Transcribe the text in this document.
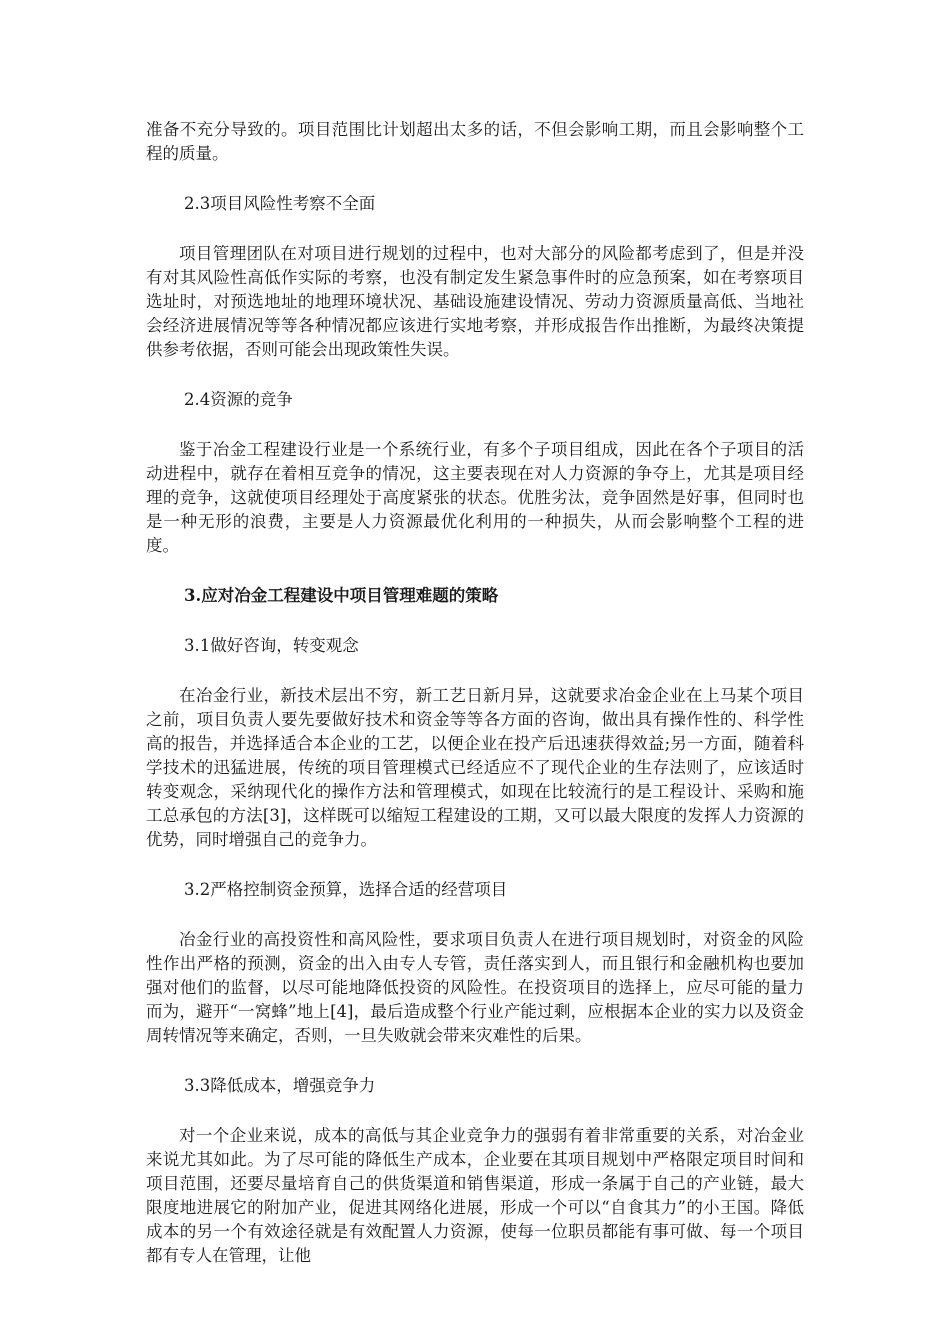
准备不充分导致的。项目范围比计划超出太多的话，不但会影响工期，而且会影响整个工程的质量。

2.3项目风险性考察不全面

项目管理团队在对项目进行规划的过程中，也对大部分的风险都考虑到了，但是并没有对其风险性高低作实际的考察，也没有制定发生紧急事件时的应急预案，如在考察项目选址时，对预选地址的地理环境状况、基础设施建设情况、劳动力资源质量高低、当地社会经济进展情况等等各种情况都应该进行实地考察，并形成报告作出推断，为最终决策提供参考依据，否则可能会出现政策性失误。

2.4资源的竞争

鉴于冶金工程建设行业是一个系统行业，有多个子项目组成，因此在各个子项目的活动进程中，就存在着相互竞争的情况，这主要表现在对人力资源的争夺上，尤其是项目经理的竞争，这就使项目经理处于高度紧张的状态。优胜劣汰，竞争固然是好事，但同时也是一种无形的浪费，主要是人力资源最优化利用的一种损失，从而会影响整个工程的进度。

3.应对冶金工程建设中项目管理难题的策略

3.1做好咨询，转变观念

在冶金行业，新技术层出不穷，新工艺日新月异，这就要求冶金企业在上马某个项目之前，项目负责人要先要做好技术和资金等等各方面的咨询，做出具有操作性的、科学性高的报告，并选择适合本企业的工艺，以便企业在投产后迅速获得效益;另一方面，随着科学技术的迅猛进展，传统的项目管理模式已经适应不了现代企业的生存法则了，应该适时转变观念，采纳现代化的操作方法和管理模式，如现在比较流行的是工程设计、采购和施工总承包的方法[3]，这样既可以缩短工程建设的工期，又可以最大限度的发挥人力资源的优势，同时增强自己的竞争力。

3.2严格控制资金预算，选择合适的经营项目

冶金行业的高投资性和高风险性，要求项目负责人在进行项目规划时，对资金的风险性作出严格的预测，资金的出入由专人专管，责任落实到人，而且银行和金融机构也要加强对他们的监督，以尽可能地降低投资的风险性。在投资项目的选择上，应尽可能的量力而为，避开“一窝蜂”地上[4]，最后造成整个行业产能过剩，应根据本企业的实力以及资金周转情况等来确定，否则，一旦失败就会带来灾难性的后果。

3.3降低成本，增强竞争力

对一个企业来说，成本的高低与其企业竞争力的强弱有着非常重要的关系，对冶金业来说尤其如此。为了尽可能的降低生产成本，企业要在其项目规划中严格限定项目时间和项目范围，还要尽量培育自己的供货渠道和销售渠道，形成一条属于自己的产业链，最大限度地进展它的附加产业，促进其网络化进展，形成一个可以“自食其力”的小王国。降低成本的另一个有效途径就是有效配置人力资源，使每一位职员都能有事可做、每一个项目都有专人在管理，让他
